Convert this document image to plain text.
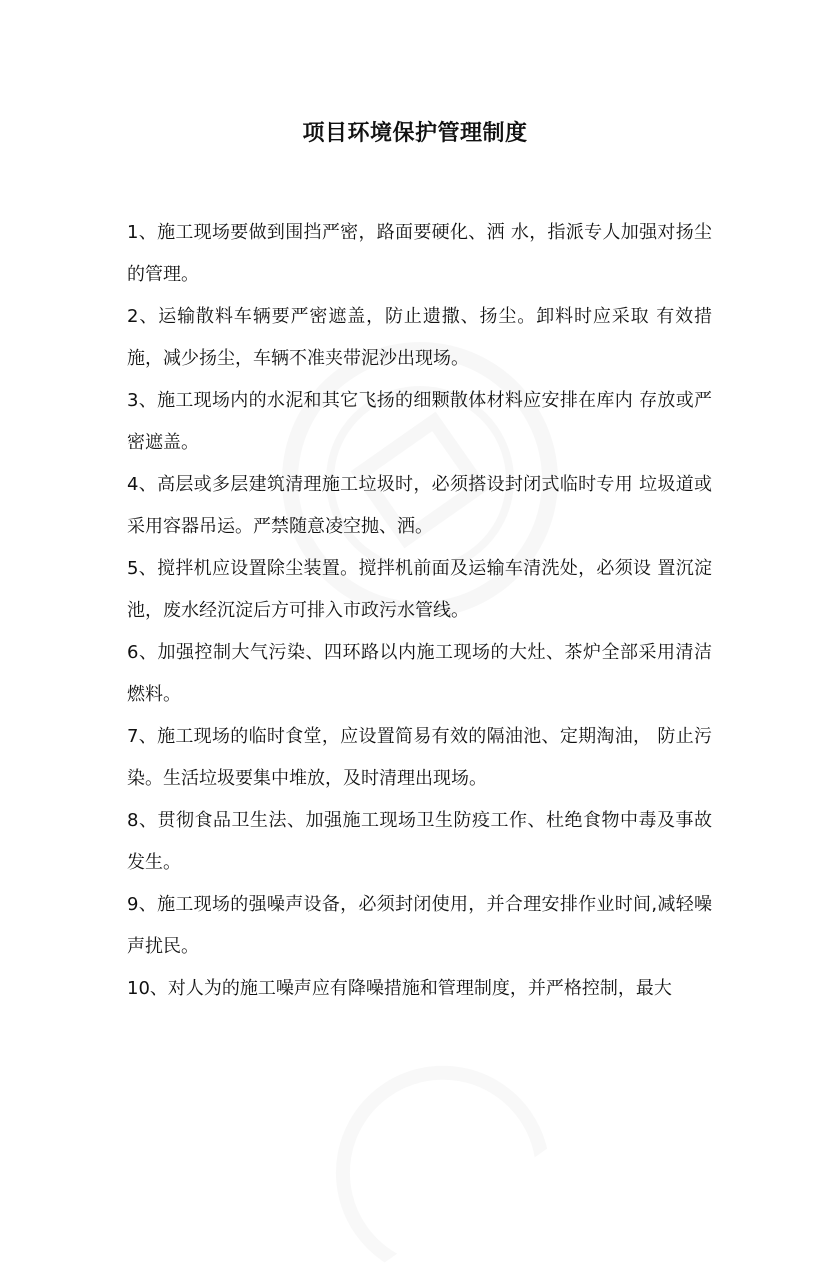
项目环境保护管理制度

1、施工现场要做到围挡严密，路面要硬化、洒 水，指派专人加强对扬尘的管理。

2、运输散料车辆要严密遮盖，防止遗撒、扬尘。卸料时应采取 有效措施，减少扬尘，车辆不准夹带泥沙出现场。

3、施工现场内的水泥和其它飞扬的细颗散体材料应安排在库内 存放或严密遮盖。

4、高层或多层建筑清理施工垃圾时，必须搭设封闭式临时专用 垃圾道或采用容器吊运。严禁随意凌空抛、洒。

5、搅拌机应设置除尘装置。搅拌机前面及运输车清洗处，必须设 置沉淀池，废水经沉淀后方可排入市政污水管线。

6、加强控制大气污染、四环路以内施工现场的大灶、茶炉全部采用清洁燃料。

7、施工现场的临时食堂，应设置简易有效的隔油池、定期淘油， 防止污染。生活垃圾要集中堆放，及时清理出现场。

8、贯彻食品卫生法、加强施工现场卫生防疫工作、杜绝食物中毒及事故发生。

9、施工现场的强噪声设备，必须封闭使用，并合理安排作业时间,减轻噪声扰民。

10、对人为的施工噪声应有降噪措施和管理制度，并严格控制，最大
